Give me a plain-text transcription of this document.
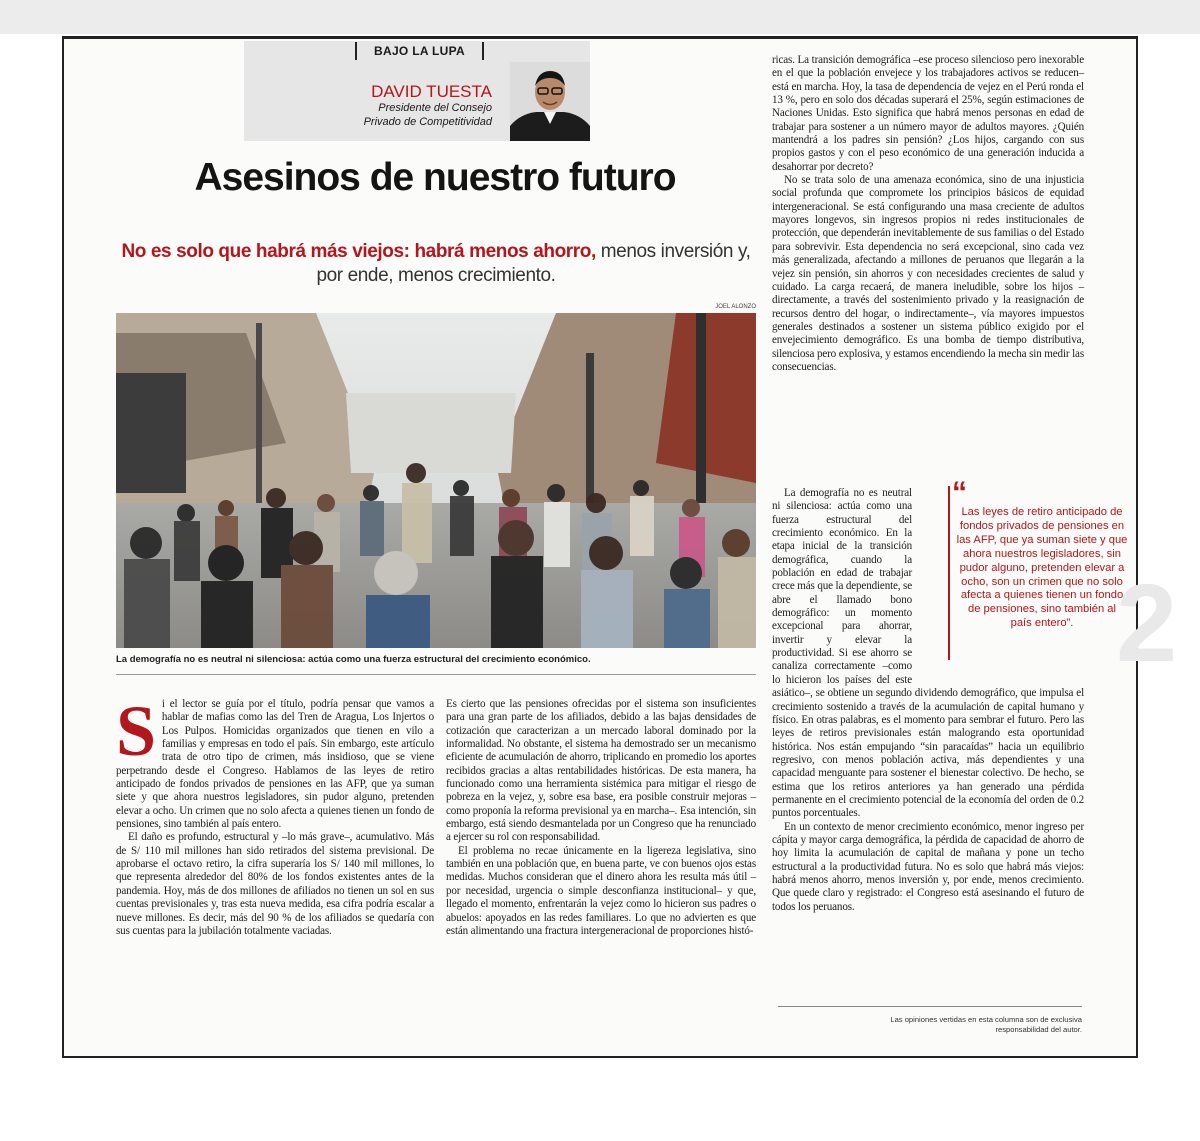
BAJO LA LUPA
DAVID TUESTA
Presidente del Consejo
Privado de Competitividad
Asesinos de nuestro futuro
No es solo que habrá más viejos: habrá menos ahorro, menos inversión y, por ende, menos crecimiento.
JOEL ALONZO
La demografía no es neutral ni silenciosa: actúa como una fuerza estructural del crecimiento económico.
S i el lector se guía por el título, podría pensar que vamos a hablar de mafias como las del Tren de Aragua, Los Injertos o Los Pulpos. Homicidas organizados que tienen en vilo a familias y empresas en todo el país. Sin embargo, este artículo trata de otro tipo de crimen, más insidioso, que se viene perpetrando desde el Congreso. Hablamos de las leyes de retiro anticipado de fondos privados de pensiones en las AFP, que ya suman siete y que ahora nuestros legisladores, sin pudor alguno, pretenden elevar a ocho. Un crimen que no solo afecta a quienes tienen un fondo de pensiones, sino también al país entero.

El daño es profundo, estructural y –lo más grave–, acumulativo. Más de S/ 110 mil millones han sido retirados del sistema previsional. De aprobarse el octavo retiro, la cifra superaría los S/ 140 mil millones, lo que representa alrededor del 80% de los fondos existentes antes de la pandemia. Hoy, más de dos millones de afiliados no tienen un sol en sus cuentas previsionales y, tras esta nueva medida, esa cifra podría escalar a nueve millones. Es decir, más del 90 % de los afiliados se quedaría con sus cuentas para la jubilación totalmente vaciadas.

Es cierto que las pensiones ofrecidas por el sistema son insuficientes para una gran parte de los afiliados, debido a las bajas densidades de cotización que caracterizan a un mercado laboral dominado por la informalidad. No obstante, el sistema ha demostrado ser un mecanismo eficiente de acumulación de ahorro, triplicando en promedio los aportes recibidos gracias a altas rentabilidades históricas. De esta manera, ha funcionado como una herramienta sistémica para mitigar el riesgo de pobreza en la vejez, y, sobre esa base, era posible construir mejoras –como proponía la reforma previsional ya en marcha–. Esa intención, sin embargo, está siendo desmantelada por un Congreso que ha renunciado a ejercer su rol con responsabilidad.

El problema no recae únicamente en la ligereza legislativa, sino también en una población que, en buena parte, ve con buenos ojos estas medidas. Muchos consideran que el dinero ahora les resulta más útil –por necesidad, urgencia o simple desconfianza institucional– y que, llegado el momento, enfrentarán la vejez como lo hicieron sus padres o abuelos: apoyados en las redes familiares. Lo que no advierten es que están alimentando una fractura intergeneracional de proporciones histó-

ricas. La transición demográfica –ese proceso silencioso pero inexorable en el que la población envejece y los trabajadores activos se reducen– está en marcha. Hoy, la tasa de dependencia de vejez en el Perú ronda el 13 %, pero en solo dos décadas superará el 25%, según estimaciones de Naciones Unidas. Esto significa que habrá menos personas en edad de trabajar para sostener a un número mayor de adultos mayores. ¿Quién mantendrá a los padres sin pensión? ¿Los hijos, cargando con sus propios gastos y con el peso económico de una generación inducida a desahorrar por decreto?

No se trata solo de una amenaza económica, sino de una injusticia social profunda que compromete los principios básicos de equidad intergeneracional. Se está configurando una masa creciente de adultos mayores longevos, sin ingresos propios ni redes institucionales de protección, que dependerán inevitablemente de sus familias o del Estado para sobrevivir. Esta dependencia no será excepcional, sino cada vez más generalizada, afectando a millones de peruanos que llegarán a la vejez sin pensión, sin ahorros y con necesidades crecientes de salud y cuidado. La carga recaerá, de manera ineludible, sobre los hijos –directamente, a través del sostenimiento privado y la reasignación de recursos dentro del hogar, o indirectamente–, vía mayores impuestos generales destinados a sostener un sistema público exigido por el envejecimiento demográfico. Es una bomba de tiempo distributiva, silenciosa pero explosiva, y estamos encendiendo la mecha sin medir las consecuencias.

La demografía no es neutral ni silenciosa: actúa como una fuerza estructural del crecimiento económico. En la etapa inicial de la transición demográfica, cuando la población en edad de trabajar crece más que la dependiente, se abre el llamado bono demográfico: un momento excepcional para ahorrar, invertir y elevar la productividad. Si ese ahorro se canaliza correctamente –como lo hicieron los países del este asiático–, se obtiene un segundo dividendo demográfico, que impulsa el crecimiento sostenido a través de la acumulación de capital humano y físico. En otras palabras, es el momento para sembrar el futuro. Pero las leyes de retiros previsionales están malogrando esta oportunidad histórica. Nos están empujando “sin paracaídas” hacia un equilibrio regresivo, con menos población activa, más dependientes y una capacidad menguante para sostener el bienestar colectivo. De hecho, se estima que los retiros anteriores ya han generado una pérdida permanente en el crecimiento potencial de la economía del orden de 0.2 puntos porcentuales.

En un contexto de menor crecimiento económico, menor ingreso per cápita y mayor carga demográfica, la pérdida de capacidad de ahorro de hoy limita la acumulación de capital de mañana y pone un techo estructural a la productividad futura. No es solo que habrá más viejos: habrá menos ahorro, menos inversión y, por ende, menos crecimiento. Que quede claro y registrado: el Congreso está asesinando el futuro de todos los peruanos.

2
“
Las leyes de retiro anticipado de fondos privados de pensiones en las AFP, que ya suman siete y que ahora nuestros legisladores, sin pudor alguno, pretenden elevar a ocho, son un crimen que no solo afecta a quienes tienen un fondo de pensiones, sino también al país entero”.
Las opiniones vertidas en esta columna son de exclusiva responsabilidad del autor.
